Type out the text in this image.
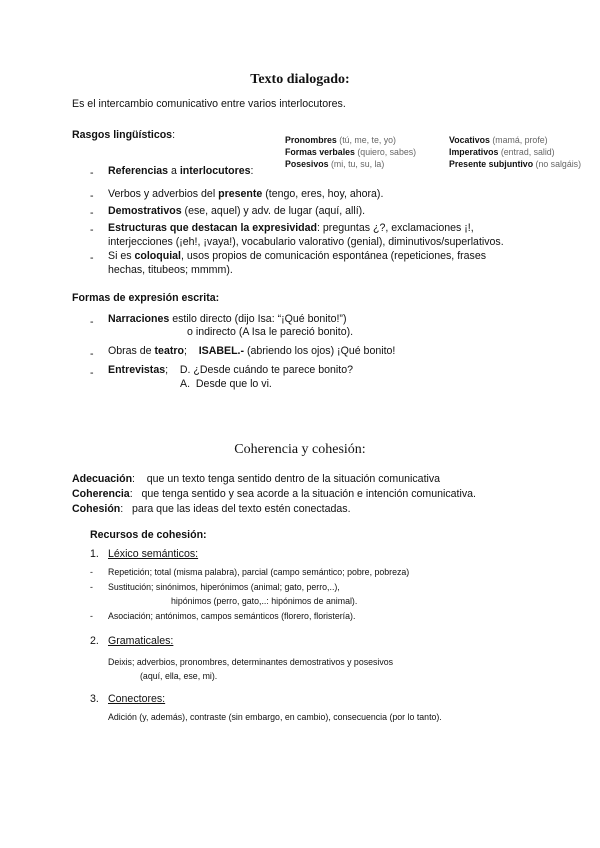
Texto dialogado:
Es el intercambio comunicativo entre varios interlocutores.
Rasgos lingüísticos:	Pronombres (tú, me, te, yo)
Formas verbales (quiero, sabes)
Posesivos (mi, tu, su, la)
Vocativos (mamá, profe)
Imperativos (entrad, salid)
Presente subjuntivo (no salgáis)
- Referencias a interlocutores:
- Verbos y adverbios del presente (tengo, eres, hoy, ahora).
- Demostrativos (ese, aquel) y adv. de lugar (aquí, allí).
- Estructuras que destacan la expresividad: preguntas ¿?, exclamaciones ¡!,
interjecciones (¡eh!, ¡vaya!), vocabulario valorativo (genial), diminutivos/superlativos.
- Si es coloquial, usos propios de comunicación espontánea (repeticiones, frases
hechas, titubeos; mmmm).
Formas de expresión escrita:
- Narraciones estilo directo (dijo Isa: “¡Qué bonito!”)
o indirecto (A Isa le pareció bonito).
- Obras de teatro;    ISABEL.- (abriendo los ojos) ¡Qué bonito!
- Entrevistas;    D. ¿Desde cuándo te parece bonito?
A.  Desde que lo vi.
Coherencia y cohesión:
Adecuación:    que un texto tenga sentido dentro de la situación comunicativa
Coherencia:   que tenga sentido y sea acorde a la situación e intención comunicativa.
Cohesión:   para que las ideas del texto estén conectadas.
Recursos de cohesión:
1. Léxico semánticos:
- Repetición; total (misma palabra), parcial (campo semántico; pobre, pobreza)
- Sustitución; sinónimos, hiperónimos (animal; gato, perro,..),
hipónimos (perro, gato,..: hipónimos de animal).
- Asociación; antónimos, campos semánticos (florero, floristería).
2. Gramaticales:
Deixis; adverbios, pronombres, determinantes demostrativos y posesivos
(aquí, ella, ese, mi).
3. Conectores:
Adición (y, además), contraste (sin embargo, en cambio), consecuencia (por lo tanto).
